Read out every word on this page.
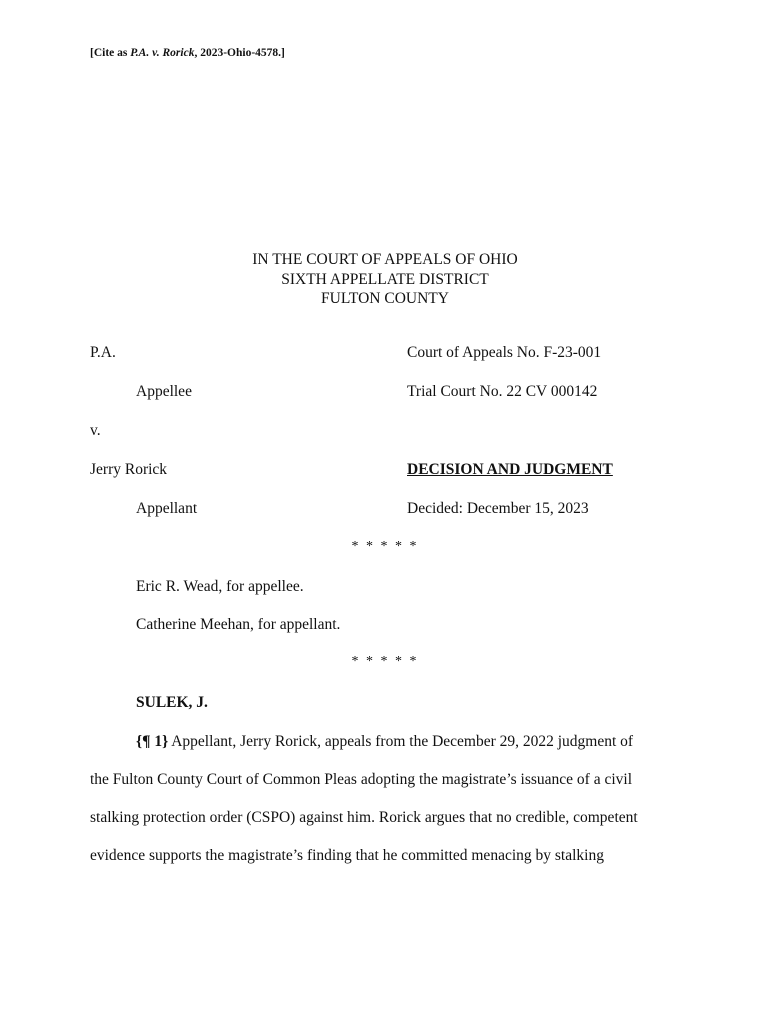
[Cite as P.A. v. Rorick, 2023-Ohio-4578.]
IN THE COURT OF APPEALS OF OHIO
SIXTH APPELLATE DISTRICT
FULTON COUNTY
P.A.
Appellee
v.
Jerry Rorick
Appellant
Court of Appeals No. F-23-001
Trial Court No. 22 CV 000142
DECISION AND JUDGMENT
Decided: December 15, 2023
* * * * *
Eric R. Wead, for appellee.
Catherine Meehan, for appellant.
* * * * *
SULEK, J.
{¶ 1} Appellant, Jerry Rorick, appeals from the December 29, 2022 judgment of
the Fulton County Court of Common Pleas adopting the magistrate’s issuance of a civil
stalking protection order (CSPO) against him. Rorick argues that no credible, competent
evidence supports the magistrate’s finding that he committed menacing by stalking
